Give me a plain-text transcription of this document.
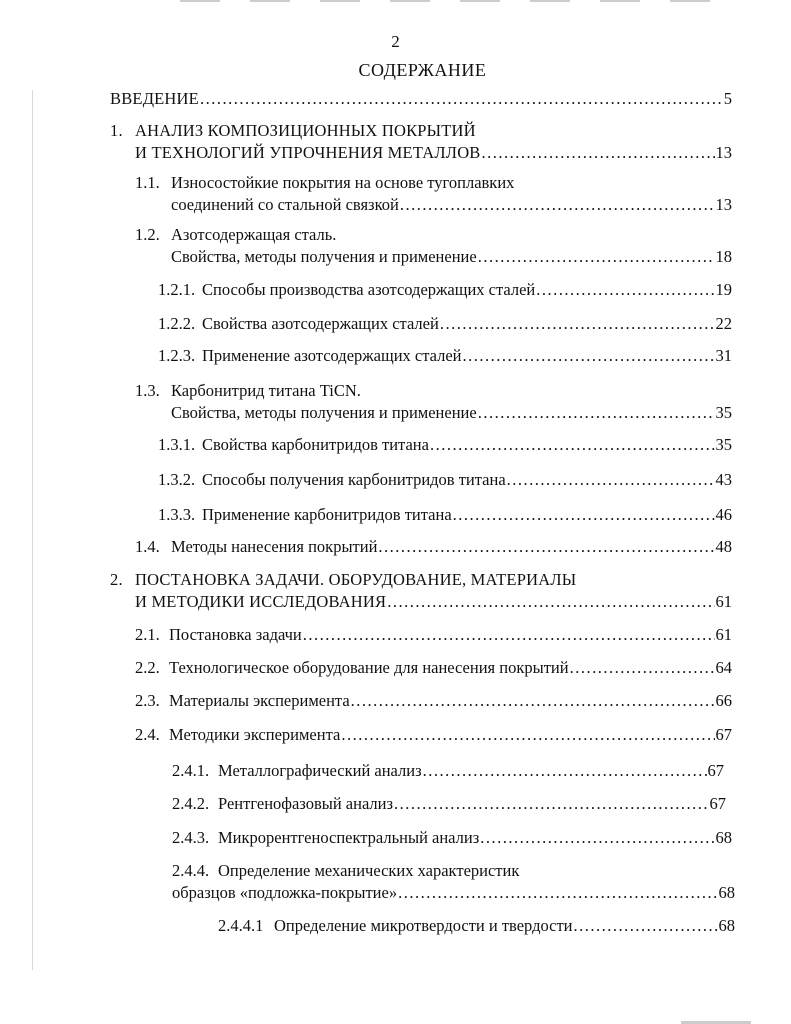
2
СОДЕРЖАНИЕ
ВВЕДЕНИЕ .....	5
1. АНАЛИЗ КОМПОЗИЦИОННЫХ ПОКРЫТИЙ
И ТЕХНОЛОГИЙ УПРОЧНЕНИЯ МЕТАЛЛОВ .....	13
1.1. Износостойкие покрытия на основе тугоплавких
соединений со стальной связкой .....	13
1.2. Азотсодержащая сталь.
Свойства, методы получения и применение .....	18
1.2.1. Способы производства азотсодержащих сталей .....	19
1.2.2. Свойства азотсодержащих сталей .....	22
1.2.3. Применение азотсодержащих сталей .....	31
1.3. Карбонитрид титана TiCN.
Свойства, методы получения и применение .....	35
1.3.1. Свойства карбонитридов титана .....	35
1.3.2. Способы получения карбонитридов титана .....	43
1.3.3. Применение карбонитридов титана .....	46
1.4. Методы нанесения покрытий .....	48
2. ПОСТАНОВКА ЗАДАЧИ. ОБОРУДОВАНИЕ, МАТЕРИАЛЫ
И МЕТОДИКИ ИССЛЕДОВАНИЯ .....	61
2.1. Постановка задачи .....	61
2.2. Технологическое оборудование для нанесения покрытий .....	64
2.3. Материалы эксперимента .....	66
2.4. Методики эксперимента .....	67
2.4.1. Металлографический анализ .....	67
2.4.2. Рентгенофазовый анализ .....	67
2.4.3. Микрорентгеноспектральный анализ .....	68
2.4.4. Определение механических характеристик
образцов «подложка-покрытие» .....	68
2.4.4.1 Определение микротвердости и твердости .....	68
